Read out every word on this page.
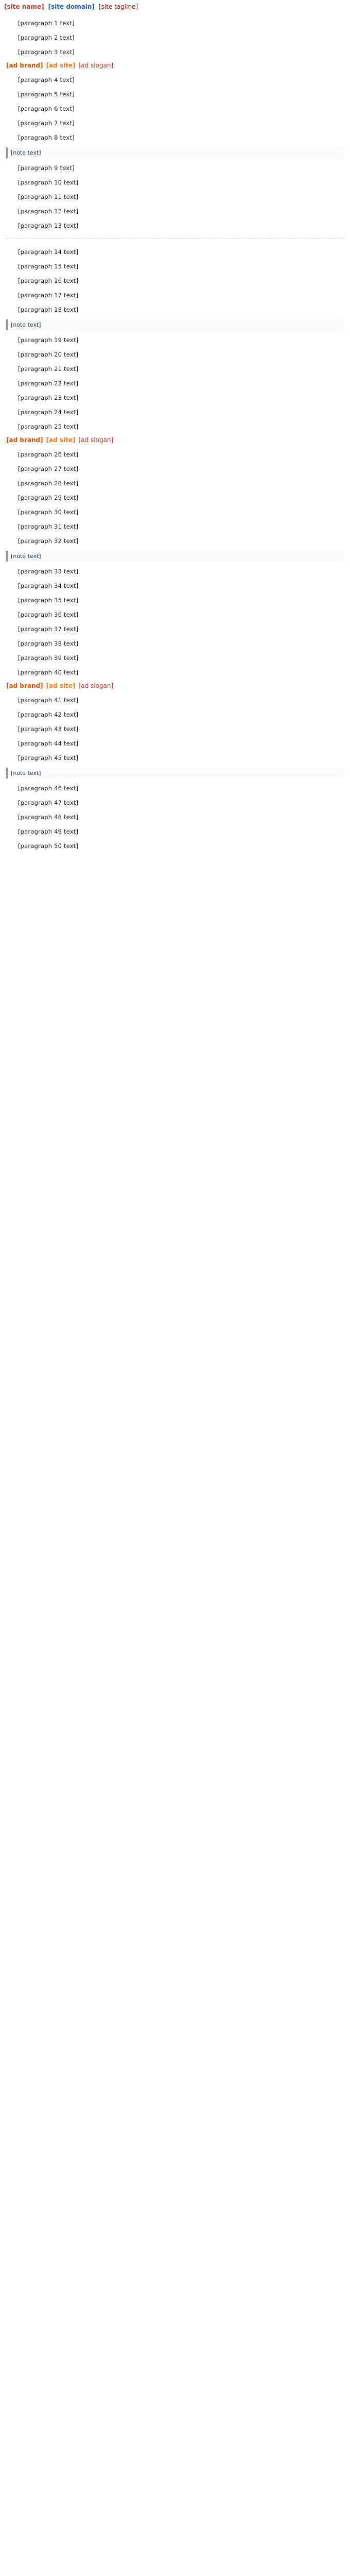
[site name] [site domain] [site tagline]

[paragraph 1 text]

[paragraph 2 text]

[paragraph 3 text]

[ad brand] [ad site] [ad slogan]

[paragraph 4 text]

[paragraph 5 text]

[paragraph 6 text]

[paragraph 7 text]

[paragraph 8 text]

[note text]

[paragraph 9 text]

[paragraph 10 text]

[paragraph 11 text]

[paragraph 12 text]

[paragraph 13 text]

[paragraph 14 text]

[paragraph 15 text]

[paragraph 16 text]

[paragraph 17 text]

[paragraph 18 text]

[note text]

[paragraph 19 text]

[paragraph 20 text]

[paragraph 21 text]

[paragraph 22 text]

[paragraph 23 text]

[paragraph 24 text]

[paragraph 25 text]

[ad brand] [ad site] [ad slogan]

[paragraph 26 text]

[paragraph 27 text]

[paragraph 28 text]

[paragraph 29 text]

[paragraph 30 text]

[paragraph 31 text]

[paragraph 32 text]

[note text]

[paragraph 33 text]

[paragraph 34 text]

[paragraph 35 text]

[paragraph 36 text]

[paragraph 37 text]

[paragraph 38 text]

[paragraph 39 text]

[paragraph 40 text]

[ad brand] [ad site] [ad slogan]

[paragraph 41 text]

[paragraph 42 text]

[paragraph 43 text]

[paragraph 44 text]

[paragraph 45 text]

[note text]

[paragraph 46 text]

[paragraph 47 text]

[paragraph 48 text]

[paragraph 49 text]

[paragraph 50 text]
